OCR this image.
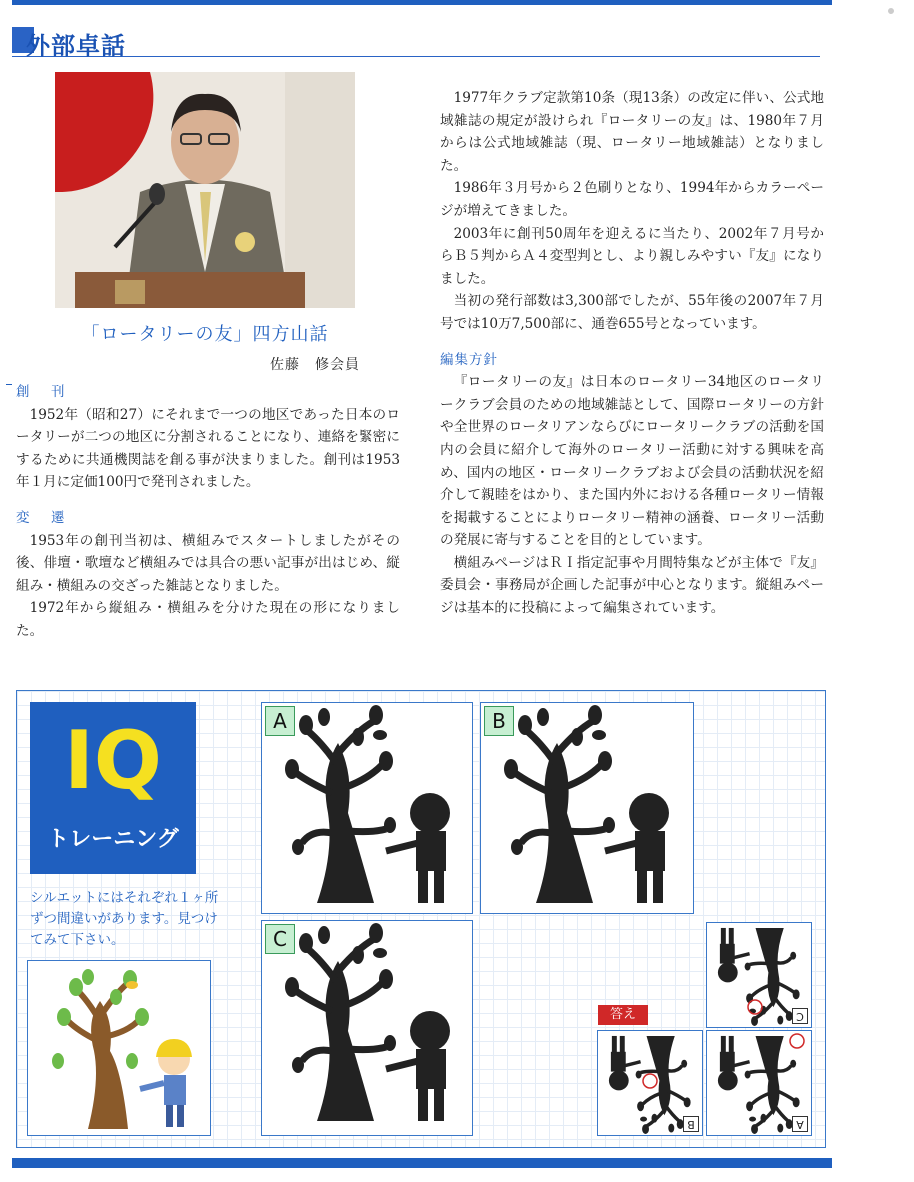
外部卓話
「ロータリーの友」四方山話
佐藤　修会員
創　刊

1952年（昭和27）にそれまで一つの地区であった日本のロータリーが二つの地区に分割されることになり、連絡を緊密にするために共通機関誌を創る事が決まりました。創刊は1953年１月に定価100円で発刊されました。

変　遷

1953年の創刊当初は、横組みでスタートしましたがその後、俳壇・歌壇など横組みでは具合の悪い記事が出はじめ、縦組み・横組みの交ざった雑誌となりました。

1972年から縦組み・横組みを分けた現在の形になりました。

1977年クラブ定款第10条（現13条）の改定に伴い、公式地域雑誌の規定が設けられ『ロータリーの友』は、1980年７月からは公式地域雑誌（現、ロータリー地域雑誌）となりました。

1986年３月号から２色刷りとなり、1994年からカラーページが増えてきました。

2003年に創刊50周年を迎えるに当たり、2002年７月号からＢ５判からＡ４変型判とし、より親しみやすい『友』になりました。

当初の発行部数は3,300部でしたが、55年後の2007年７月号では10万7,500部に、通巻655号となっています。

編集方針

『ロータリーの友』は日本のロータリー34地区のロータリークラブ会員のための地域雑誌として、国際ロータリーの方針や全世界のロータリアンならびにロータリークラブの活動を国内の会員に紹介して海外のロータリー活動に対する興味を高め、国内の地区・ロータリークラブおよび会員の活動状況を紹介して親睦をはかり、また国内外における各種ロータリー情報を掲載することによりロータリー精神の涵養、ロータリー活動の発展に寄与することを目的としています。

横組みページはＲＩ指定記事や月間特集などが主体で『友』委員会・事務局が企画した記事が中心となります。縦組みページは基本的に投稿によって編集されています。

IQ
トレーニング
シルエットにはそれぞれ１ヶ所ずつ間違いがあります。見つけてみて下さい。
A	B
C
答え	C
B	A
